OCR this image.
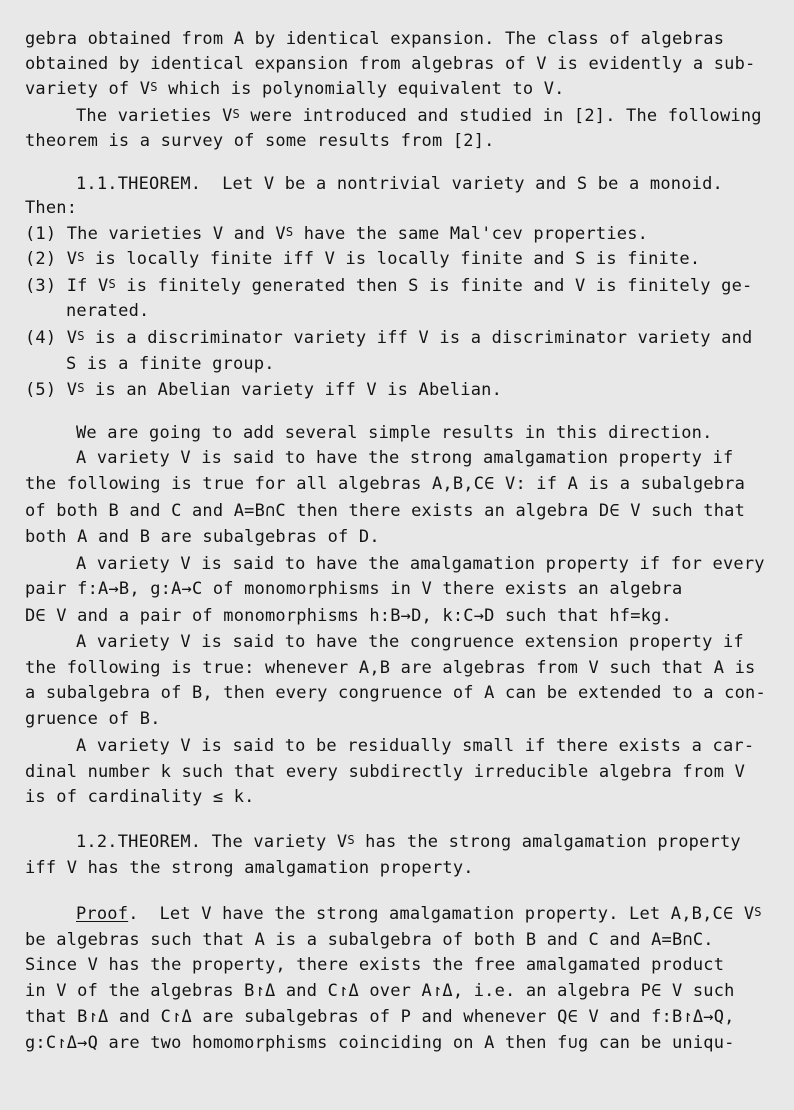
gebra obtained from A by identical expansion. The class of algebras
obtained by identical expansion from algebras of V is evidently a sub-
variety of $V^S$ which is polynomially equivalent to V.
The varieties $V^S$ were introduced and studied in [2]. The following
theorem is a survey of some results from [2].
1.1.THEOREM.  Let V be a nontrivial variety and S be a monoid.
Then:
(1) The varieties V and $V^S$ have the same Mal'cev properties.
(2) $V^S$ is locally finite iff V is locally finite and S is finite.
(3) If $V^S$ is finitely generated then S is finite and V is finitely ge-
nerated.
(4) $V^S$ is a discriminator variety iff V is a discriminator variety and
S is a finite group.
(5) $V^S$ is an Abelian variety iff V is Abelian.
We are going to add several simple results in this direction.
A variety V is said to have the strong amalgamation property if
the following is true for all algebras A,B,C∈ V: if A is a subalgebra
of both B and C and A=B∩C then there exists an algebra D∈ V such that
both A and B are subalgebras of D.
A variety V is said to have the amalgamation property if for every
pair f:A→B, g:A→C of monomorphisms in V there exists an algebra
D∈ V and a pair of monomorphisms h:B→D, k:C→D such that hf=kg.
A variety V is said to have the congruence extension property if
the following is true: whenever A,B are algebras from V such that A is
a subalgebra of B, then every congruence of A can be extended to a con-
gruence of B.
A variety V is said to be residually small if there exists a car-
dinal number k such that every subdirectly irreducible algebra from V
is of cardinality ≤ k.
1.2.THEOREM. The variety $V^S$ has the strong amalgamation property
iff V has the strong amalgamation property.
Proof.  Let V have the strong amalgamation property. Let A,B,C∈ $V^S$
be algebras such that A is a subalgebra of both B and C and A=B∩C.
Since V has the property, there exists the free amalgamated product
in V of the algebras B↾Δ and C↾Δ over A↾Δ, i.e. an algebra P∈ V such
that B↾Δ and C↾Δ are subalgebras of P and whenever Q∈ V and f:B↾Δ→Q,
g:C↾Δ→Q are two homomorphisms coinciding on A then f∪g can be uniqu-
